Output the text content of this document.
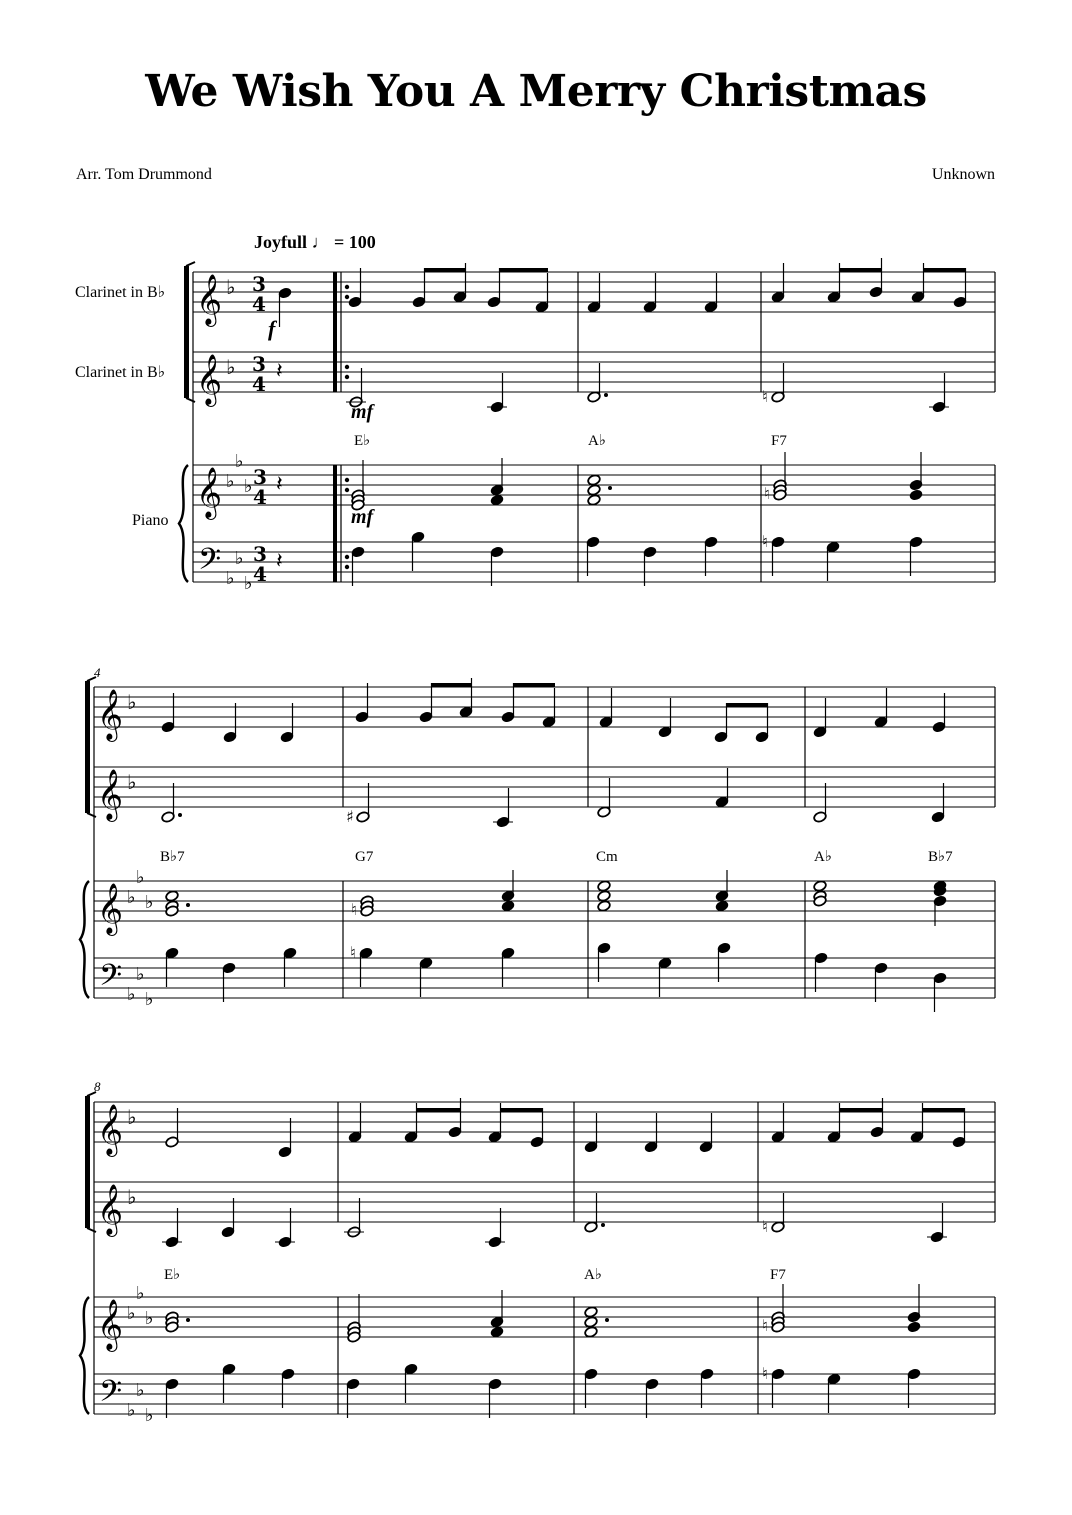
We Wish You A Merry Christmas
Arr. Tom Drummond	Unknown
Joyfull ♩ = 100
Clarinet in B♭
Clarinet in B♭
Piano
𝄞
𝄞
𝄞
𝄢
♭
♭
♭
♭
♭
♭
♭
♭
3
4
3
4
3
4
3
4
𝄽
𝄽
𝄽
𝄞
𝄞
𝄞
𝄢
♭
♭
♭
♭
♭
♭
♭
♭
𝄞
𝄞
𝄞
𝄢
♭
♭
♭
♭
♭
♭
♭
♭
♮
♮
♮
♯
♮
♮
♮
♮
♮
f
mf
mf
4
8
E♭	A♭	F7
B♭7	G7	Cm	A♭	B♭7
E♭	A♭	F7
